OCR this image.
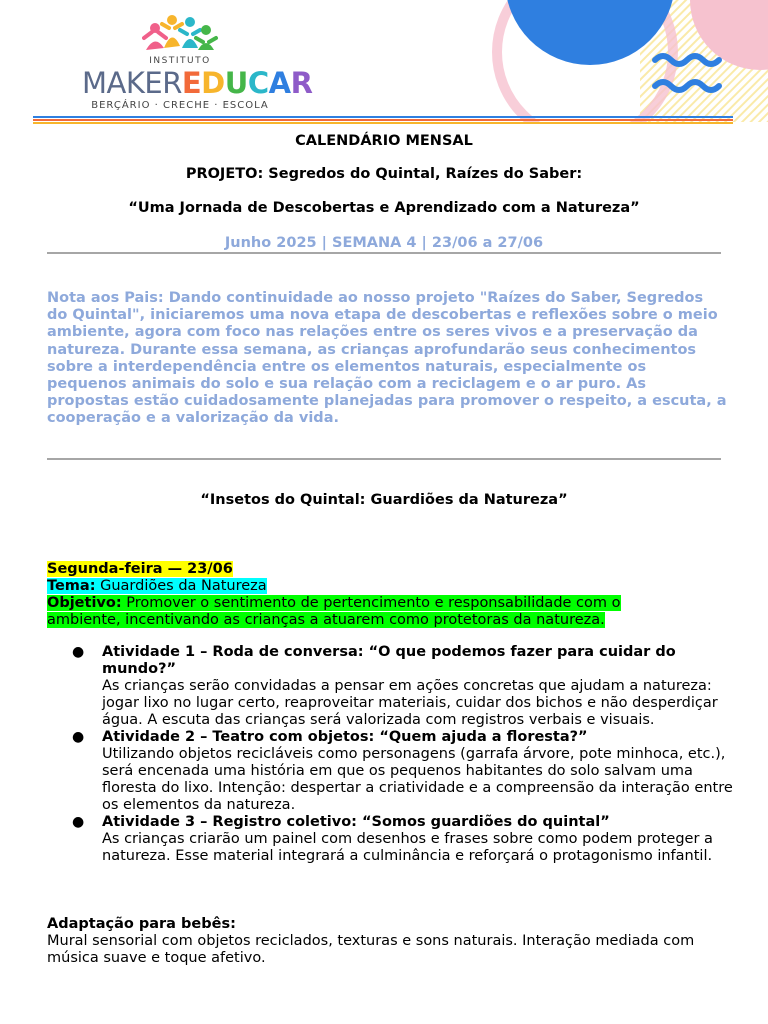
INSTITUTO
MAKEREDUCAR
BERÇÁRIO · CRECHE · ESCOLA
CALENDÁRIO MENSAL
PROJETO: Segredos do Quintal, Raízes do Saber:
“Uma Jornada de Descobertas e Aprendizado com a Natureza”
Junho 2025 | SEMANA 4 | 23/06 a 27/06
Nota aos Pais: Dando continuidade ao nosso projeto "Raízes do Saber, Segredos do Quintal", iniciaremos uma nova etapa de descobertas e reflexões sobre o meio ambiente, agora com foco nas relações entre os seres vivos e a preservação da natureza. Durante essa semana, as crianças aprofundarão seus conhecimentos sobre a interdependência entre os elementos naturais, especialmente os pequenos animais do solo e sua relação com a reciclagem e o ar puro. As propostas estão cuidadosamente planejadas para promover o respeito, a escuta, a cooperação e a valorização da vida.
“Insetos do Quintal: Guardiões da Natureza”
Segunda-feira — 23/06
Tema: Guardiões da Natureza
Objetivo: Promover o sentimento de pertencimento e responsabilidade com o
ambiente, incentivando as crianças a atuarem como protetoras da natureza.
● Atividade 1 – Roda de conversa: “O que podemos fazer para cuidar do mundo?”
As crianças serão convidadas a pensar em ações concretas que ajudam a natureza: jogar lixo no lugar certo, reaproveitar materiais, cuidar dos bichos e não desperdiçar água. A escuta das crianças será valorizada com registros verbais e visuais.
● Atividade 2 – Teatro com objetos: “Quem ajuda a floresta?”
Utilizando objetos recicláveis como personagens (garrafa árvore, pote minhoca, etc.), será encenada uma história em que os pequenos habitantes do solo salvam uma floresta do lixo. Intenção: despertar a criatividade e a compreensão da interação entre os elementos da natureza.
● Atividade 3 – Registro coletivo: “Somos guardiões do quintal”
As crianças criarão um painel com desenhos e frases sobre como podem proteger a natureza. Esse material integrará a culminância e reforçará o protagonismo infantil.
Adaptação para bebês:
Mural sensorial com objetos reciclados, texturas e sons naturais. Interação mediada com música suave e toque afetivo.
